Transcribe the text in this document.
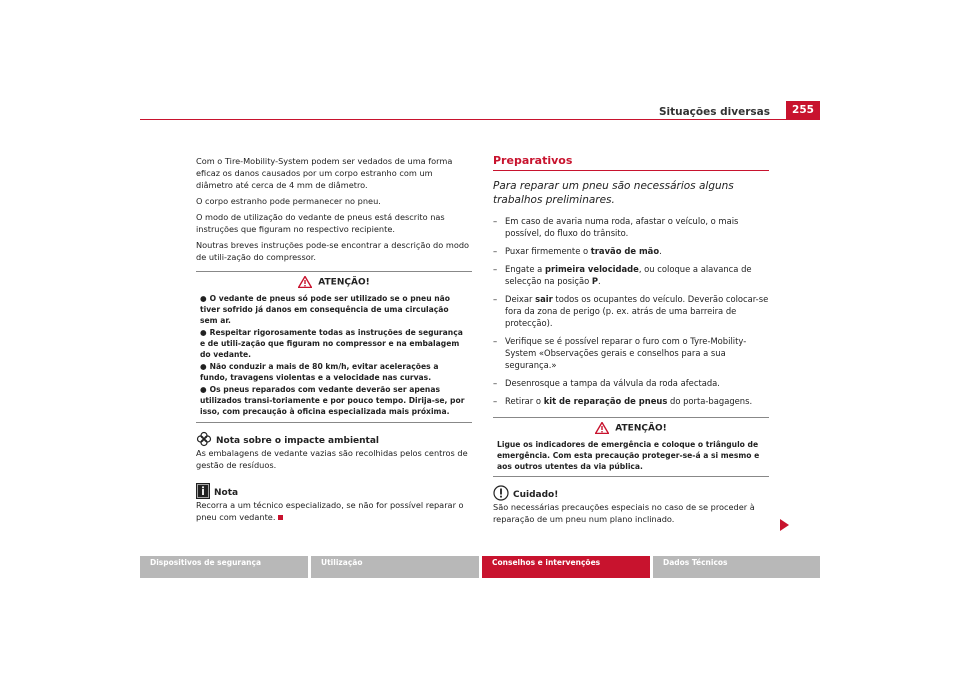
Situações diversas	255

Com o Tire-Mobility-System podem ser vedados de uma forma eficaz os danos causados por um corpo estranho com um diâmetro até cerca de 4 mm de diâmetro.

O corpo estranho pode permanecer no pneu.

O modo de utilização do vedante de pneus está descrito nas instruções que figuram no respectivo recipiente.

Noutras breves instruções pode-se encontrar a descrição do modo de utili-zação do compressor.

ATENÇÃO!
● O vedante de pneus só pode ser utilizado se o pneu não tiver sofrido já danos em consequência de uma circulação sem ar.
● Respeitar rigorosamente todas as instruções de segurança e de utili-zação que figuram no compressor e na embalagem do vedante.
● Não conduzir a mais de 80 km/h, evitar acelerações a fundo, travagens violentas e a velocidade nas curvas.
● Os pneus reparados com vedante deverão ser apenas utilizados transi-toriamente e por pouco tempo. Dirija-se, por isso, com precaução à oficina especializada mais próxima.
Nota sobre o impacte ambiental

As embalagens de vedante vazias são recolhidas pelos centros de gestão de resíduos.

Nota

Recorra a um técnico especializado, se não for possível reparar o pneu com vedante.

Preparativos
Para reparar um pneu são necessários alguns trabalhos preliminares.
– Em caso de avaria numa roda, afastar o veículo, o mais possível, do fluxo do trânsito.
– Puxar firmemente o travão de mão.
– Engate a primeira velocidade, ou coloque a alavanca de selecção na posição P.
– Deixar sair todos os ocupantes do veículo. Deverão colocar-se fora da zona de perigo (p. ex. atrás de uma barreira de protecção).
– Verifique se é possível reparar o furo com o Tyre-Mobility-System «Observações gerais e conselhos para a sua segurança.»
– Desenrosque a tampa da válvula da roda afectada.
– Retirar o kit de reparação de pneus do porta-bagagens.
ATENÇÃO!
Ligue os indicadores de emergência e coloque o triângulo de emergência. Com esta precaução proteger-se-á a si mesmo e aos outros utentes da via pública.
Cuidado!

São necessárias precauções especiais no caso de se proceder à reparação de um pneu num plano inclinado.

Dispositivos de segurança	Utilização	Conselhos e intervenções	Dados Técnicos
